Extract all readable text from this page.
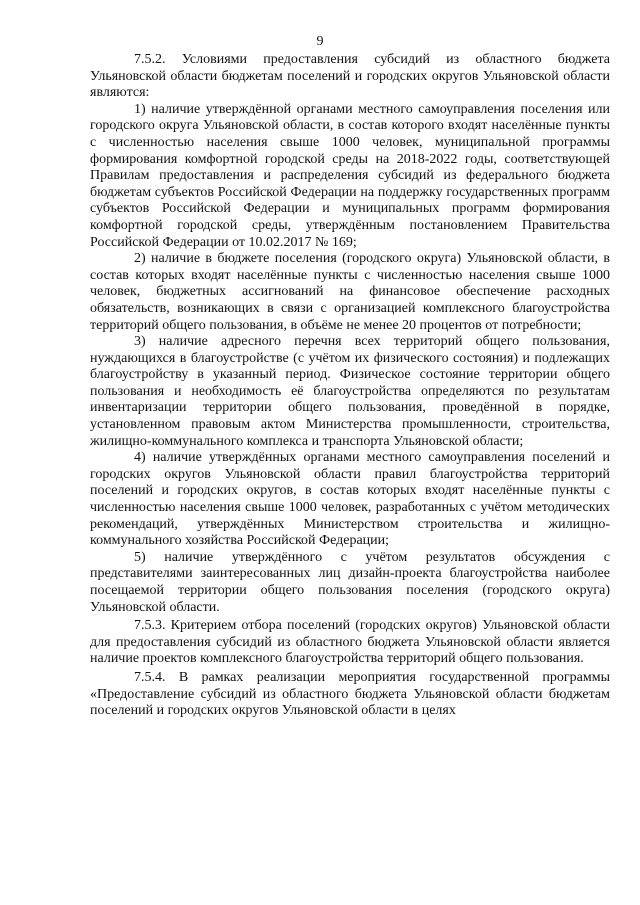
9

7.5.2. Условиями предоставления субсидий из областного бюджета Ульяновской области бюджетам поселений и городских округов Ульяновской области являются:

1) наличие утверждённой органами местного самоуправления поселения или городского округа Ульяновской области, в состав которого входят населённые пункты с численностью населения свыше 1000 человек, муниципальной программы формирования комфортной городской среды на 2018-2022 годы, соответствующей Правилам предоставления и распределения субсидий из федерального бюджета бюджетам субъектов Российской Федерации на поддержку государственных программ субъектов Российской Федерации и муниципальных программ формирования комфортной городской среды, утверждённым постановлением Правительства Российской Федерации от 10.02.2017 № 169;

2) наличие в бюджете поселения (городского округа) Ульяновской области, в состав которых входят населённые пункты с численностью населения свыше 1000 человек, бюджетных ассигнований на финансовое обеспечение расходных обязательств, возникающих в связи с организацией комплексного благоустройства территорий общего пользования, в объёме не менее 20 процентов от потребности;

3) наличие адресного перечня всех территорий общего пользования, нуждающихся в благоустройстве (с учётом их физического состояния) и подлежащих благоустройству в указанный период. Физическое состояние территории общего пользования и необходимость её благоустройства определяются по результатам инвентаризации территории общего пользования, проведённой в порядке, установленном правовым актом Министерства промышленности, строительства, жилищно-коммунального комплекса и транспорта Ульяновской области;

4) наличие утверждённых органами местного самоуправления поселений и городских округов Ульяновской области правил благоустройства территорий поселений и городских округов, в состав которых входят населённые пункты с численностью населения свыше 1000 человек, разработанных с учётом методических рекомендаций, утверждённых Министерством строительства и жилищно-коммунального хозяйства Российской Федерации;

5) наличие утверждённого с учётом результатов обсуждения с представителями заинтересованных лиц дизайн-проекта благоустройства наиболее посещаемой территории общего пользования поселения (городского округа) Ульяновской области.

7.5.3. Критерием отбора поселений (городских округов) Ульяновской области для предоставления субсидий из областного бюджета Ульяновской области является наличие проектов комплексного благоустройства территорий общего пользования.

7.5.4. В рамках реализации мероприятия государственной программы «Предоставление субсидий из областного бюджета Ульяновской области бюджетам поселений и городских округов Ульяновской области в целях
